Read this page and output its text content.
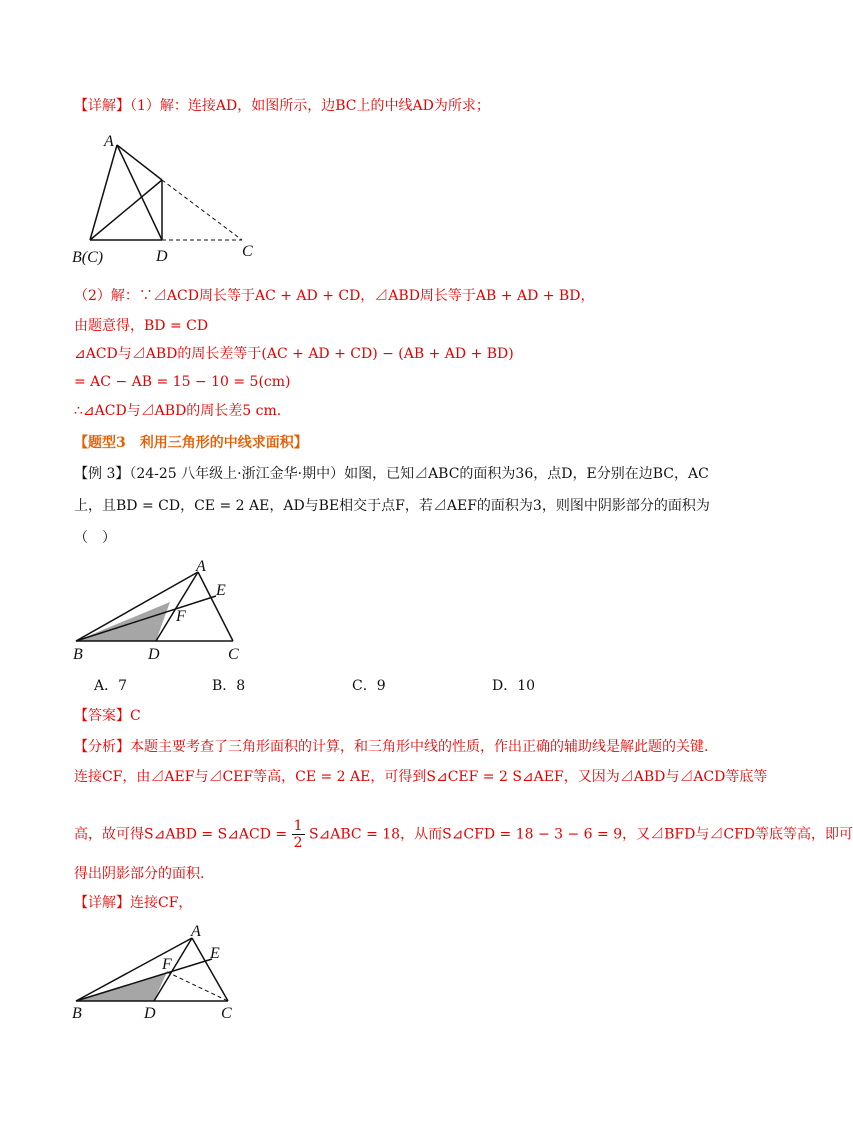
【详解】（1）解：连接AD，如图所示，边BC上的中线AD为所求；
A
B(C)	D	C
（2）解：∵⊿ACD周长等于AC + AD + CD，⊿ABD周长等于AB + AD + BD，
由题意得，BD = CD
⊿ACD与⊿ABD的周长差等于(AC + AD + CD) − (AB + AD + BD)
= AC − AB = 15 − 10 = 5(cm)
∴⊿ACD与⊿ABD的周长差5 cm.
【题型3　利用三角形的中线求面积】
【例 3】（24-25 八年级上·浙江金华·期中）如图，已知⊿ABC的面积为36，点D，E分别在边BC，AC
上，且BD = CD，CE = 2 AE，AD与BE相交于点F，若⊿AEF的面积为3，则图中阴影部分的面积为
（　）
A
E
F
B	D	C
A．7	B．8	C．9	D．10
【答案】C
【分析】本题主要考查了三角形面积的计算，和三角形中线的性质，作出正确的辅助线是解此题的关键.
连接CF，由⊿AEF与⊿CEF等高，CE = 2 AE，可得到S⊿CEF = 2 S⊿AEF，又因为⊿ABD与⊿ACD等底等
高，故可得S⊿ABD = S⊿ACD = $\frac{1}{2}$ S⊿ABC = 18，从而S⊿CFD = 18 − 3 − 6 = 9，又⊿BFD与⊿CFD等底等高，即可
得出阴影部分的面积.
【详解】连接CF，
A
E
F
B	D	C
